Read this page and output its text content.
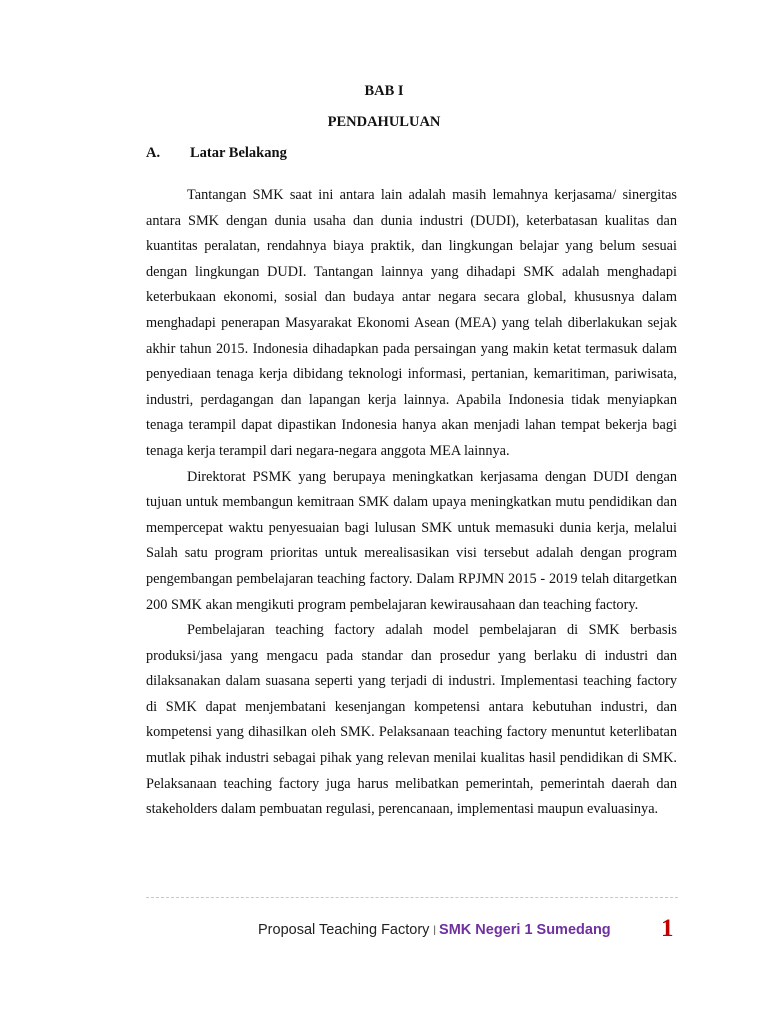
BAB I
PENDAHULUAN
A. Latar Belakang

Tantangan SMK saat ini antara lain adalah masih lemahnya kerjasama/ sinergitas antara SMK dengan dunia usaha dan dunia industri (DUDI), keterbatasan kualitas dan kuantitas peralatan, rendahnya biaya praktik, dan lingkungan belajar yang belum sesuai dengan lingkungan DUDI. Tantangan lainnya yang dihadapi SMK adalah menghadapi keterbukaan ekonomi, sosial dan budaya antar negara secara global, khususnya dalam menghadapi penerapan Masyarakat Ekonomi Asean (MEA) yang telah diberlakukan sejak akhir tahun 2015. Indonesia dihadapkan pada persaingan yang makin ketat termasuk dalam penyediaan tenaga kerja dibidang teknologi informasi, pertanian, kemaritiman, pariwisata, industri, perdagangan dan lapangan kerja lainnya. Apabila Indonesia tidak menyiapkan tenaga terampil dapat dipastikan Indonesia hanya akan menjadi lahan tempat bekerja bagi tenaga kerja terampil dari negara-negara anggota MEA lainnya.

Direktorat PSMK yang berupaya meningkatkan kerjasama dengan DUDI dengan tujuan untuk membangun kemitraan SMK dalam upaya meningkatkan mutu pendidikan dan mempercepat waktu penyesuaian bagi lulusan SMK untuk memasuki dunia kerja, melalui Salah satu program prioritas untuk merealisasikan visi tersebut adalah dengan program pengembangan pembelajaran teaching factory. Dalam RPJMN 2015 - 2019 telah ditargetkan 200 SMK akan mengikuti program pembelajaran kewirausahaan dan teaching factory.

Pembelajaran teaching factory adalah model pembelajaran di SMK berbasis produksi/jasa yang mengacu pada standar dan prosedur yang berlaku di industri dan dilaksanakan dalam suasana seperti yang terjadi di industri. Implementasi teaching factory di SMK dapat menjembatani kesenjangan kompetensi antara kebutuhan industri, dan kompetensi yang dihasilkan oleh SMK. Pelaksanaan teaching factory menuntut keterlibatan mutlak pihak industri sebagai pihak yang relevan menilai kualitas hasil pendidikan di SMK. Pelaksanaan teaching factory juga harus melibatkan pemerintah, pemerintah daerah dan stakeholders dalam pembuatan regulasi, perencanaan, implementasi maupun evaluasinya.

Proposal Teaching Factory | SMK Negeri 1 Sumedang 1
